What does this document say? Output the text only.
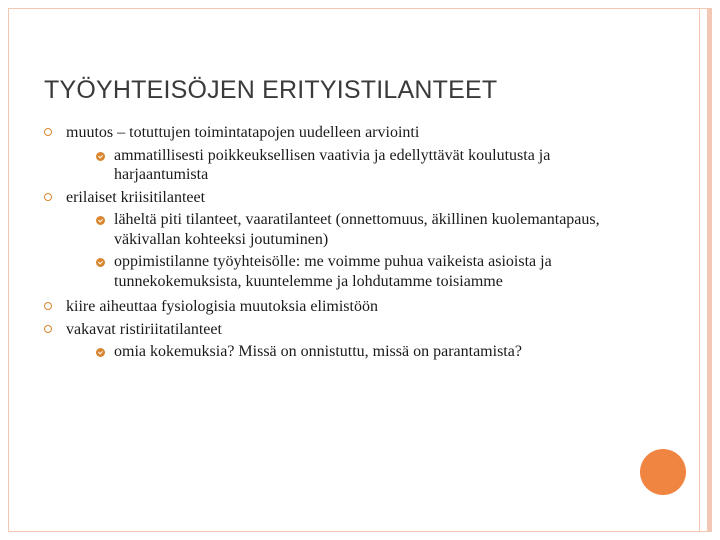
TYÖYHTEISÖJEN ERITYISTILANTEET
muutos – totuttujen toimintatapojen uudelleen arviointi
ammatillisesti poikkeuksellisen vaativia ja edellyttävät koulutusta ja harjaantumista
erilaiset kriisitilanteet
läheltä piti tilanteet, vaaratilanteet (onnettomuus, äkillinen kuolemantapaus, väkivallan kohteeksi joutuminen)
oppimistilanne työyhteisölle: me voimme puhua vaikeista asioista ja tunnekokemuksista, kuuntelemme ja lohdutamme toisiamme
kiire aiheuttaa fysiologisia muutoksia elimistöön
vakavat ristiriitatilanteet
omia kokemuksia? Missä on onnistuttu, missä on parantamista?
